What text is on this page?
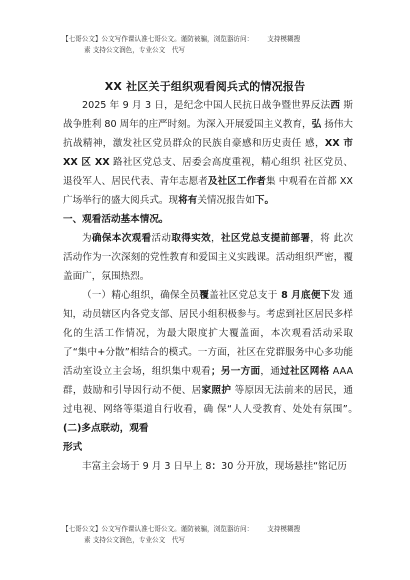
【七哥公文】公文写作课认准七哥公文。谨防被骗，浏览器访问： 支持模糊搜
素 支持公文润色，专业公文　代写
XX 社区关于组织观看阅兵式的情况报告

2025 年 9 月 3 日，是纪念中国人民抗日战争暨世界反法西 斯战争胜利 80 周年的庄严时刻。为深入开展爱国主义教育，弘 扬伟大抗战精神，激发社区党员群众的民族自豪感和历史责任 感，XX 市 XX 区 XX 路社区党总支、居委会高度重视，精心组织 社区党员、退役军人、居民代表、青年志愿者及社区工作者集 中观看在首都 XX 广场举行的盛大阅兵式。现将有关情况报告如下。

一、观看活动基本情况。

为确保本次观看活动取得实效，社区党总支提前部署，将 此次活动作为一次深刻的党性教育和爱国主义实践课。活动组织严密，覆盖面广，氛围热烈。

（一）精心组织，确保全员覆盖社区党总支于 8 月底便下发 通知，动员辖区内各党支部、居民小组积极参与。考虑到社区居民多样化的生活工作情况，为最大限度扩大覆盖面，本次观看活动采取了“集中+分散”相结合的模式。一方面，社区在党群服务中心多功能活动室设立主会场，组织集中观看；另一方面，通过社区网格 AAA 群，鼓励和引导因行动不便、居家照护 等原因无法前来的居民，通过电视、网络等渠道自行收看，确 保“人人受教育、处处有氛围”。　(二)多点联动，观看
形式

丰富主会场于 9 月 3 日早上 8：30 分开放，现场悬挂“铭记历

【七哥公文】公文写作课认准七哥公文。谨防被骗，浏览器访问： 支持模糊搜
素 支持公文润色，专业公文　代写
